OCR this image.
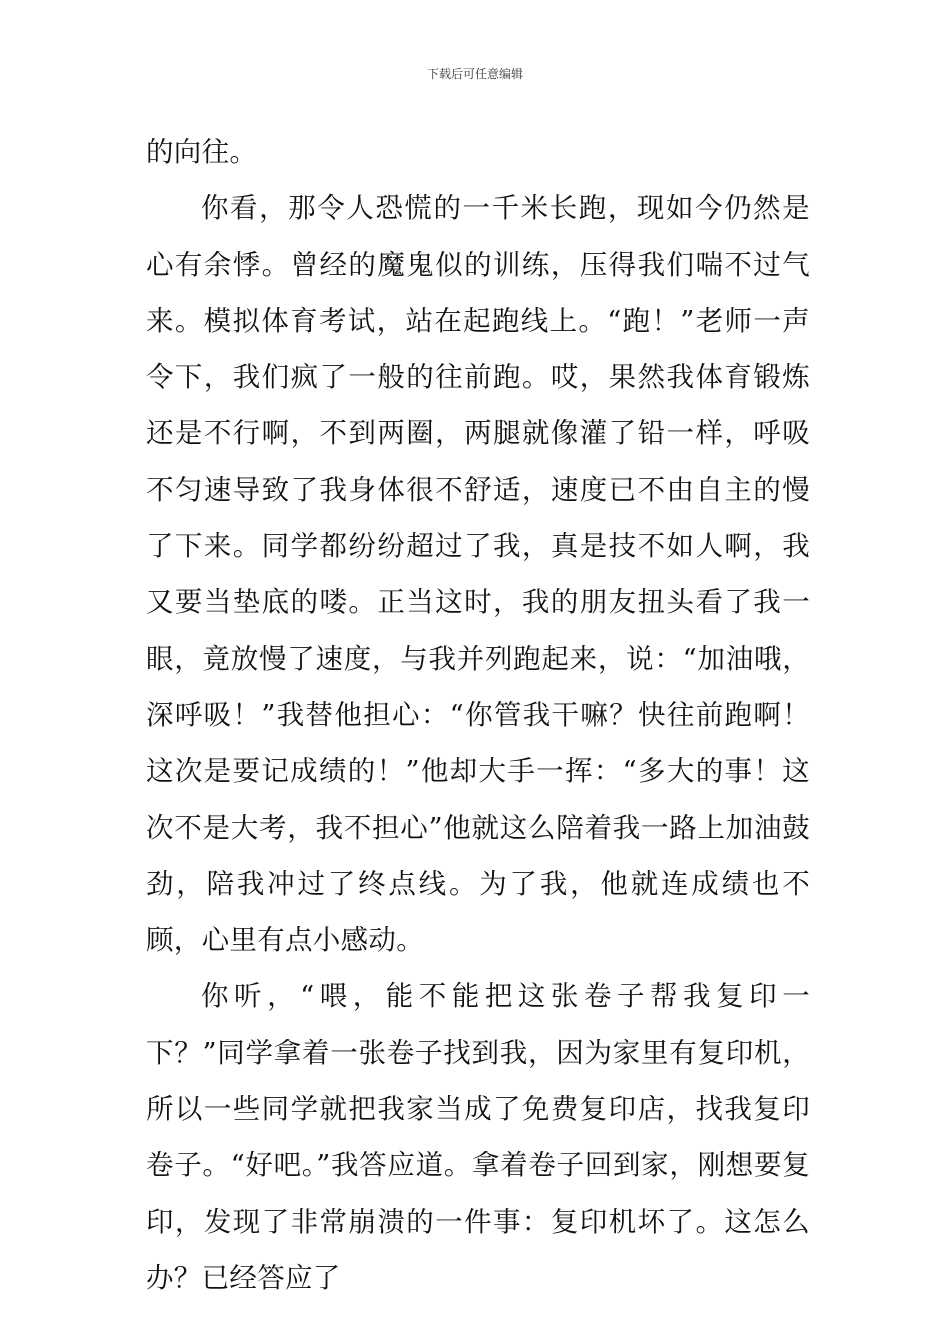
下载后可任意编辑

的向往。

你看，那令人恐慌的一千米长跑，现如今仍然是心有余悸。曾经的魔鬼似的训练，压得我们喘不过气来。模拟体育考试，站在起跑线上。“跑！”老师一声令下，我们疯了一般的往前跑。哎，果然我体育锻炼还是不行啊，不到两圈，两腿就像灌了铅一样，呼吸不匀速导致了我身体很不舒适，速度已不由自主的慢了下来。同学都纷纷超过了我，真是技不如人啊，我又要当垫底的喽。正当这时，我的朋友扭头看了我一眼，竟放慢了速度，与我并列跑起来，说：“加油哦，深呼吸！”我替他担心：“你管我干嘛？快往前跑啊！这次是要记成绩的！”他却大手一挥：“多大的事！这次不是大考，我不担心”他就这么陪着我一路上加油鼓劲，陪我冲过了终点线。为了我，他就连成绩也不顾，心里有点小感动。

你听，“喂，能不能把这张卷子帮我复印一下？”同学拿着一张卷子找到我，因为家里有复印机，所以一些同学就把我家当成了免费复印店，找我复印卷子。“好吧。”我答应道。拿着卷子回到家，刚想要复印，发现了非常崩溃的一件事：复印机坏了。这怎么办？已经答应了
